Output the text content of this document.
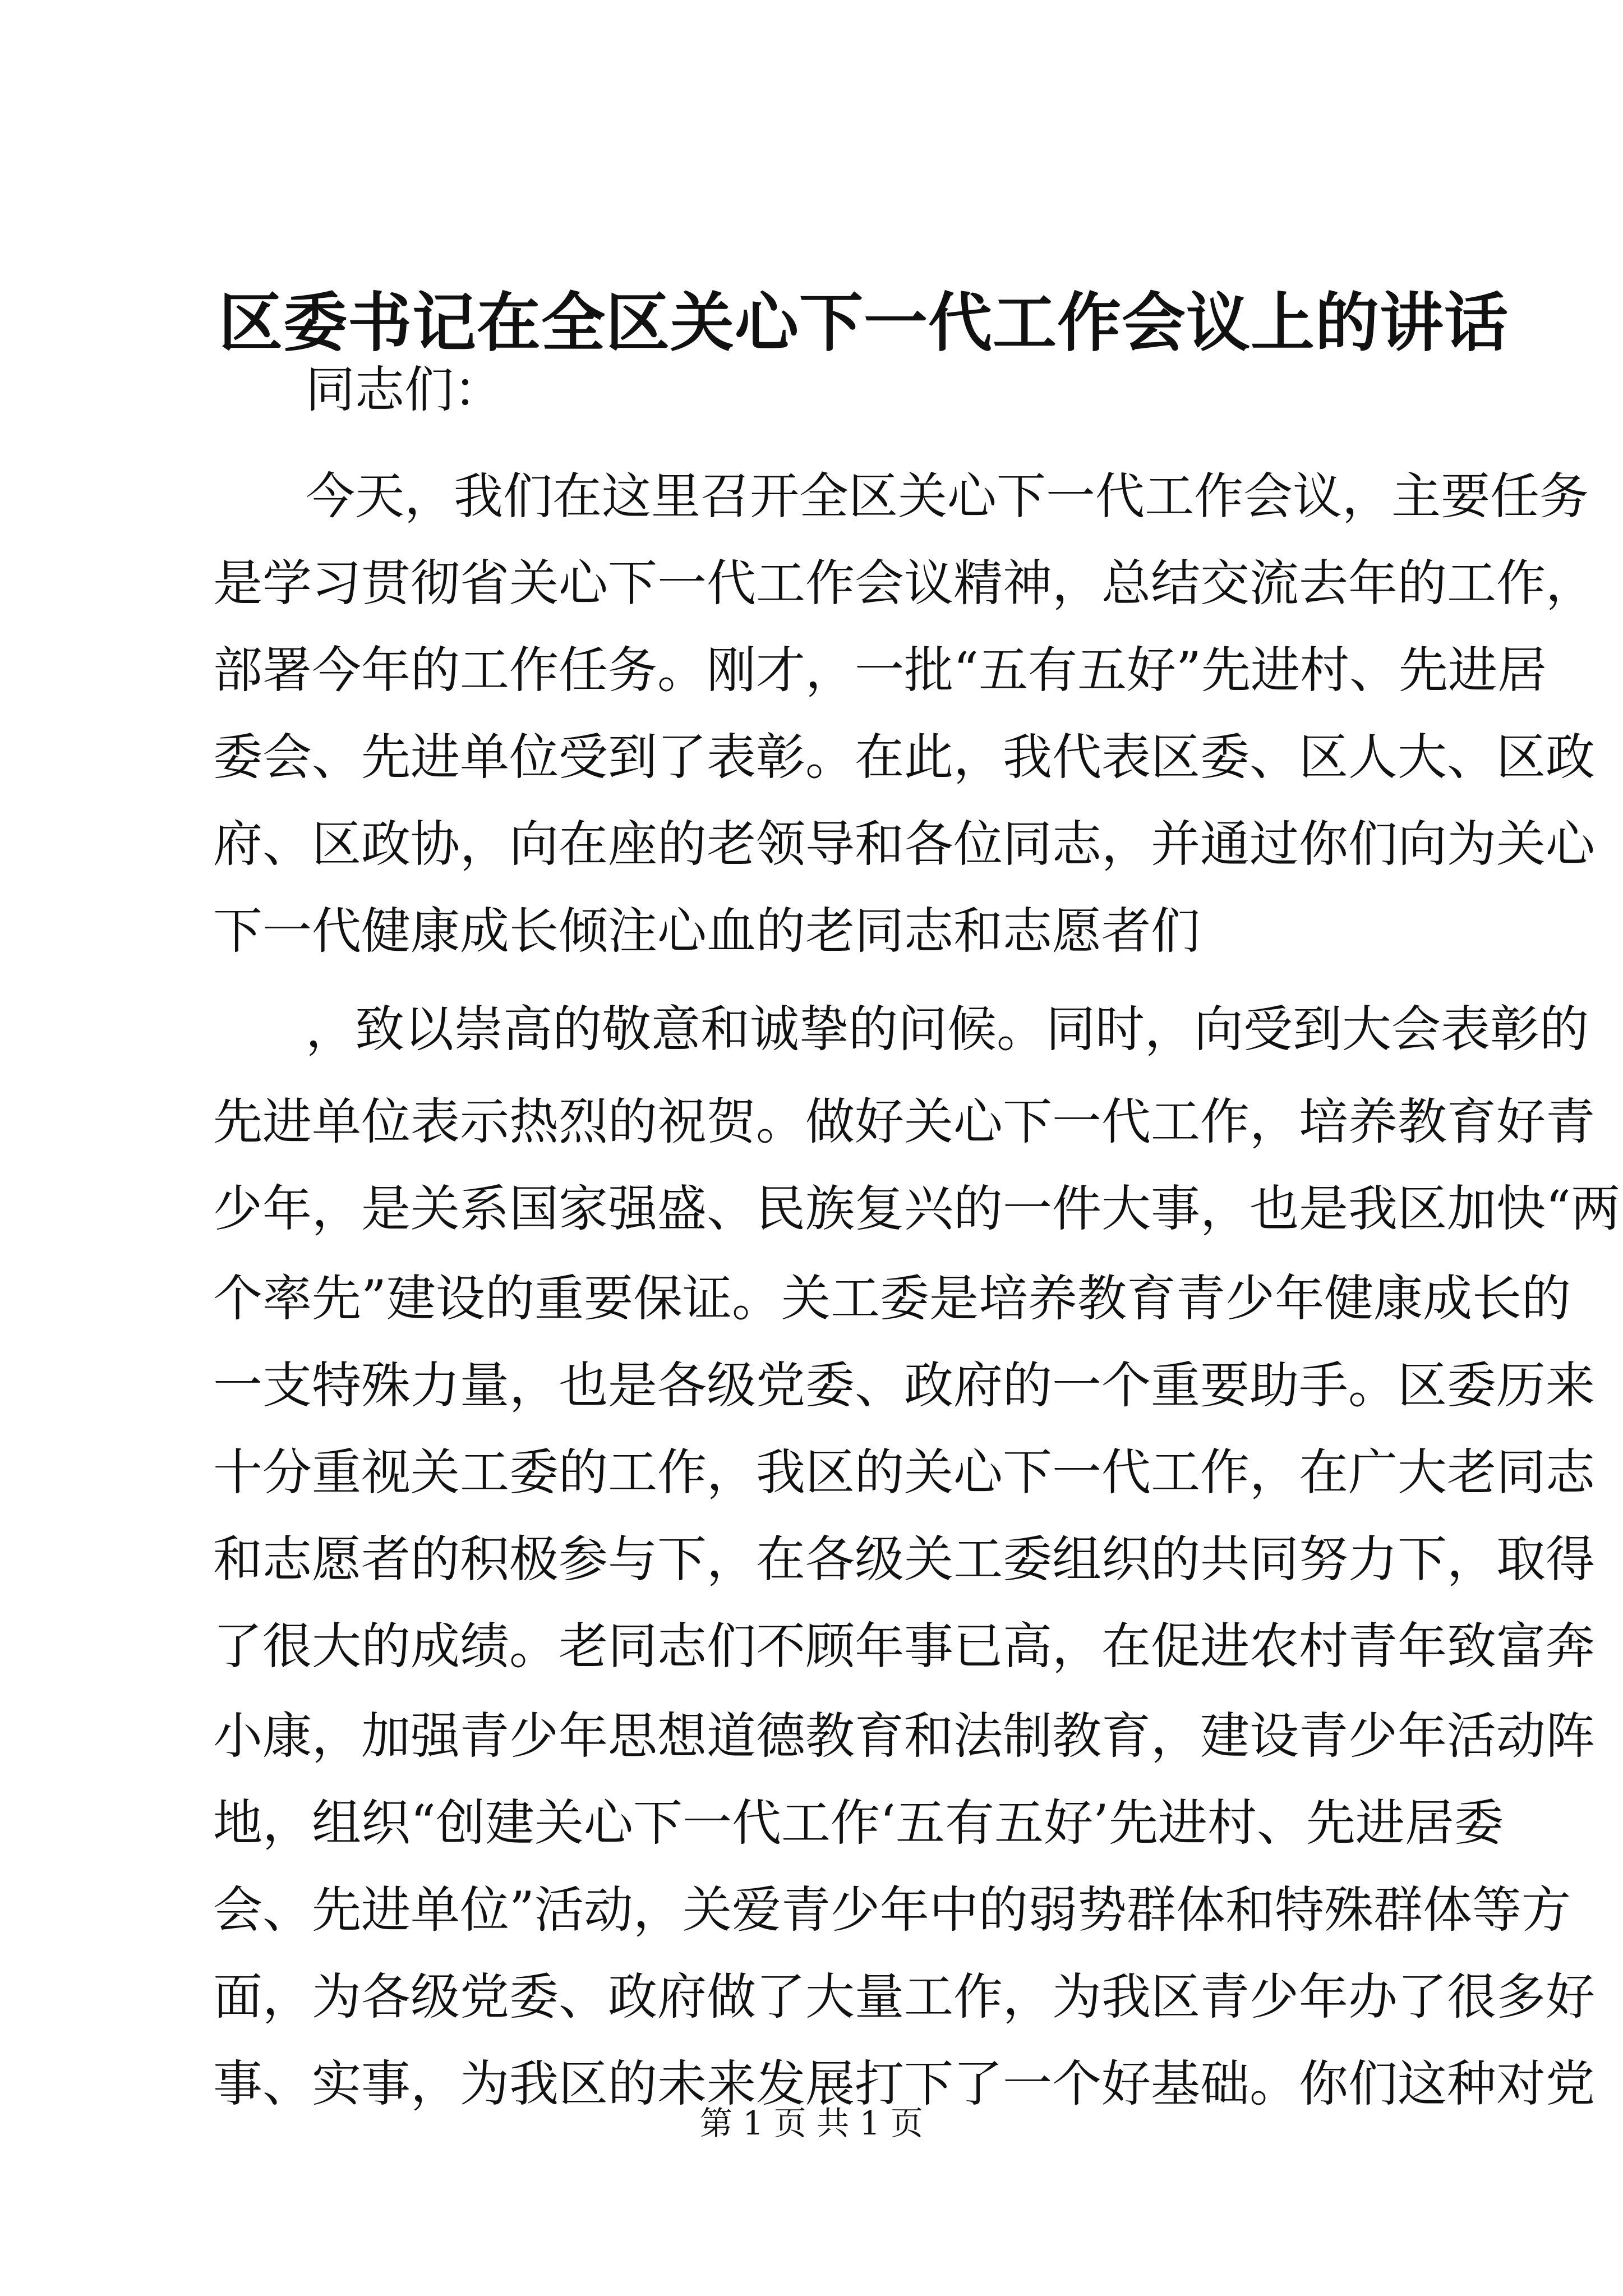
区委书记在全区关心下一代工作会议上的讲话

同志们：

今天，我们在这里召开全区关心下一代工作会议，主要任务

是学习贯彻省关心下一代工作会议精神，总结交流去年的工作，

部署今年的工作任务。刚才，一批“五有五好”先进村、先进居

委会、先进单位受到了表彰。在此，我代表区委、区人大、区政

府、区政协，向在座的老领导和各位同志，并通过你们向为关心

下一代健康成长倾注心血的老同志和志愿者们

，致以崇高的敬意和诚挚的问候。同时，向受到大会表彰的

先进单位表示热烈的祝贺。做好关心下一代工作，培养教育好青

少年，是关系国家强盛、民族复兴的一件大事，也是我区加快“两

个率先”建设的重要保证。关工委是培养教育青少年健康成长的

一支特殊力量，也是各级党委、政府的一个重要助手。区委历来

十分重视关工委的工作，我区的关心下一代工作，在广大老同志

和志愿者的积极参与下，在各级关工委组织的共同努力下，取得

了很大的成绩。老同志们不顾年事已高，在促进农村青年致富奔

小康，加强青少年思想道德教育和法制教育，建设青少年活动阵

地，组织“创建关心下一代工作‘五有五好’先进村、先进居委

会、先进单位”活动，关爱青少年中的弱势群体和特殊群体等方

面，为各级党委、政府做了大量工作，为我区青少年办了很多好

事、实事，为我区的未来发展打下了一个好基础。你们这种对党

第 1 页 共 1 页
